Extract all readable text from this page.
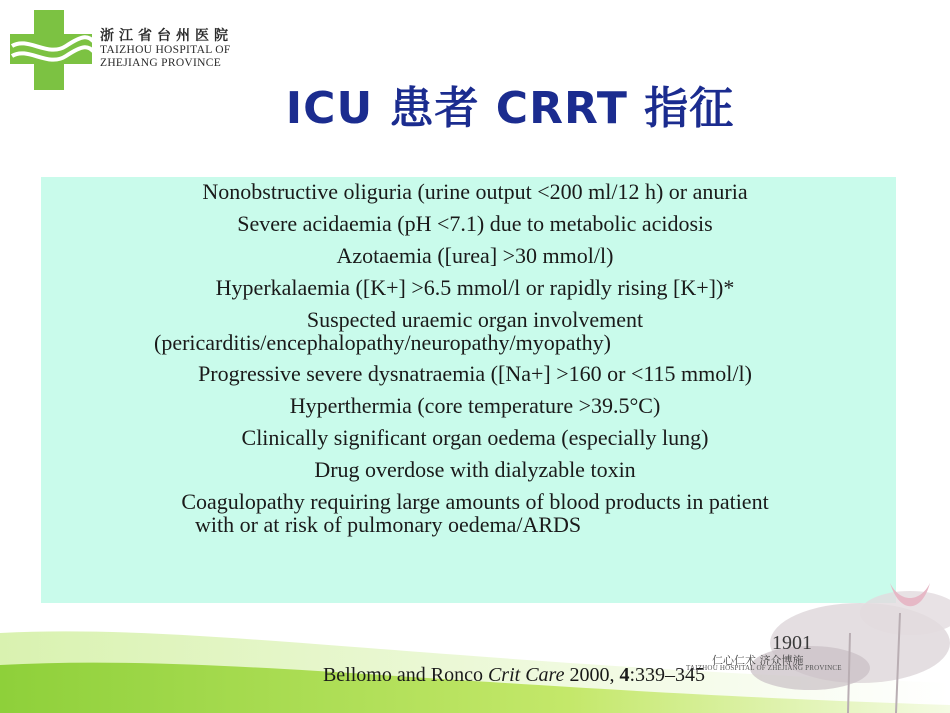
浙江省台州医院
TAIZHOU HOSPITAL OF
ZHEJIANG PROVINCE
ICU 患者 CRRT 指征
Nonobstructive oliguria (urine output <200 ml/12 h) or anuria
Severe acidaemia (pH <7.1) due to metabolic acidosis
Azotaemia ([urea] >30 mmol/l)
Hyperkalaemia ([K+] >6.5 mmol/l or rapidly rising [K+])*
Suspected uraemic organ involvement
(pericarditis/encephalopathy/neuropathy/myopathy)
Progressive severe dysnatraemia ([Na+] >160 or <115 mmol/l)
Hyperthermia (core temperature >39.5°C)
Clinically significant organ oedema (especially lung)
Drug overdose with dialyzable toxin
Coagulopathy requiring large amounts of blood products in patient
with or at risk of pulmonary oedema/ARDS
1901
仁心仁术 济众博施
TAIZHOU HOSPITAL OF ZHEJIANG PROVINCE
Bellomo and Ronco Crit Care 2000, 4:339–345
